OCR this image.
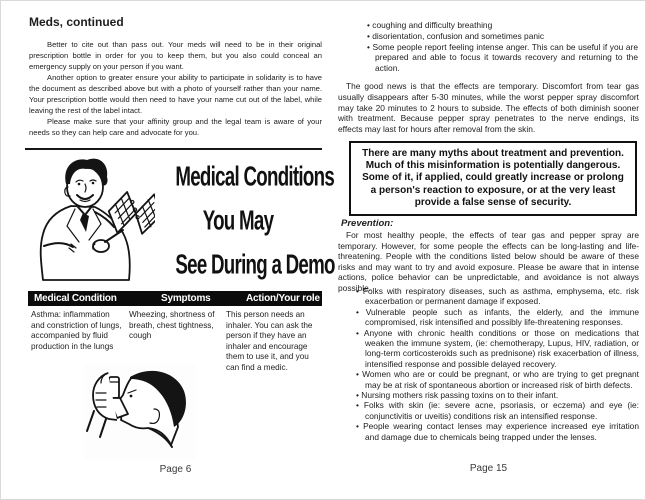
Meds, continued

Better to cite out than pass out. Your meds will need to be in their original prescription bottle in order for you to keep them, but you also could conceal an emergency supply on your person if you want.

Another option to greater ensure your ability to participate in solidarity is to have the document as described above but with a photo of yourself rather than your name. Your prescription bottle would then need to have your name cut out of the label, while leaving the rest of the label intact.

Please make sure that your affinity group and the legal team is aware of your needs so they can help care and advocate for you.

Medical Conditions
You May
See During a Demo
Medical Condition	Symptoms	Action/Your role
Asthma: inflammation and constriction of lungs, accompanied by fluid production in the lungs
Wheezing, shortness of breath, chest tightness, cough
This person needs an inhaler. You can ask the person if they have an inhaler and encourage them to use it, and you can find a medic.
Page 6

• coughing and difficulty breathing

• disorientation, confusion and sometimes panic

• Some people report feeling intense anger. This can be useful if you are prepared and able to focus it towards recovery and returning to the action.

The good news is that the effects are temporary. Discomfort from tear gas usually disappears after 5-30 minutes, while the worst pepper spray discomfort may take 20 minutes to 2 hours to subside. The effects of both diminish sooner with treatment. Because pepper spray penetrates to the nerve endings, its effects may last for hours after removal from the skin.

There are many myths about treatment and prevention.
Much of this misinformation is potentially dangerous.
Some of it, if applied, could greatly increase or prolong
a person's reaction to exposure, or at the very least
provide a false sense of security.
Prevention:

For most healthy people, the effects of tear gas and pepper spray are temporary. However, for some people the effects can be long-lasting and life-threatening. People with the conditions listed below should be aware of these risks and may want to try and avoid exposure. Please be aware that in intense actions, police behavior can be unpredictable, and avoidance is not always possible.

• Folks with respiratory diseases, such as asthma, emphysema, etc. risk exacerbation or permanent damage if exposed.

• Vulnerable people such as infants, the elderly, and the immune compromised, risk intensified and possibly life-threatening responses.

• Anyone with chronic health conditions or those on medications that weaken the immune system, (ie: chemotherapy, Lupus, HIV, radiation, or long-term corticosteroids such as prednisone) risk exacerbation of illness, intensified response and possible delayed recovery.

• Women who are or could be pregnant, or who are trying to get pregnant may be at risk of spontaneous abortion or increased risk of birth defects.

• Nursing mothers risk passing toxins on to their infant.

• Folks with skin (ie: severe acne, psoriasis, or eczema) and eye (ie: conjunctivitis or uveitis) conditions risk an intensified response.

• People wearing contact lenses may experience increased eye irritation and damage due to chemicals being trapped under the lenses.

Page 15
